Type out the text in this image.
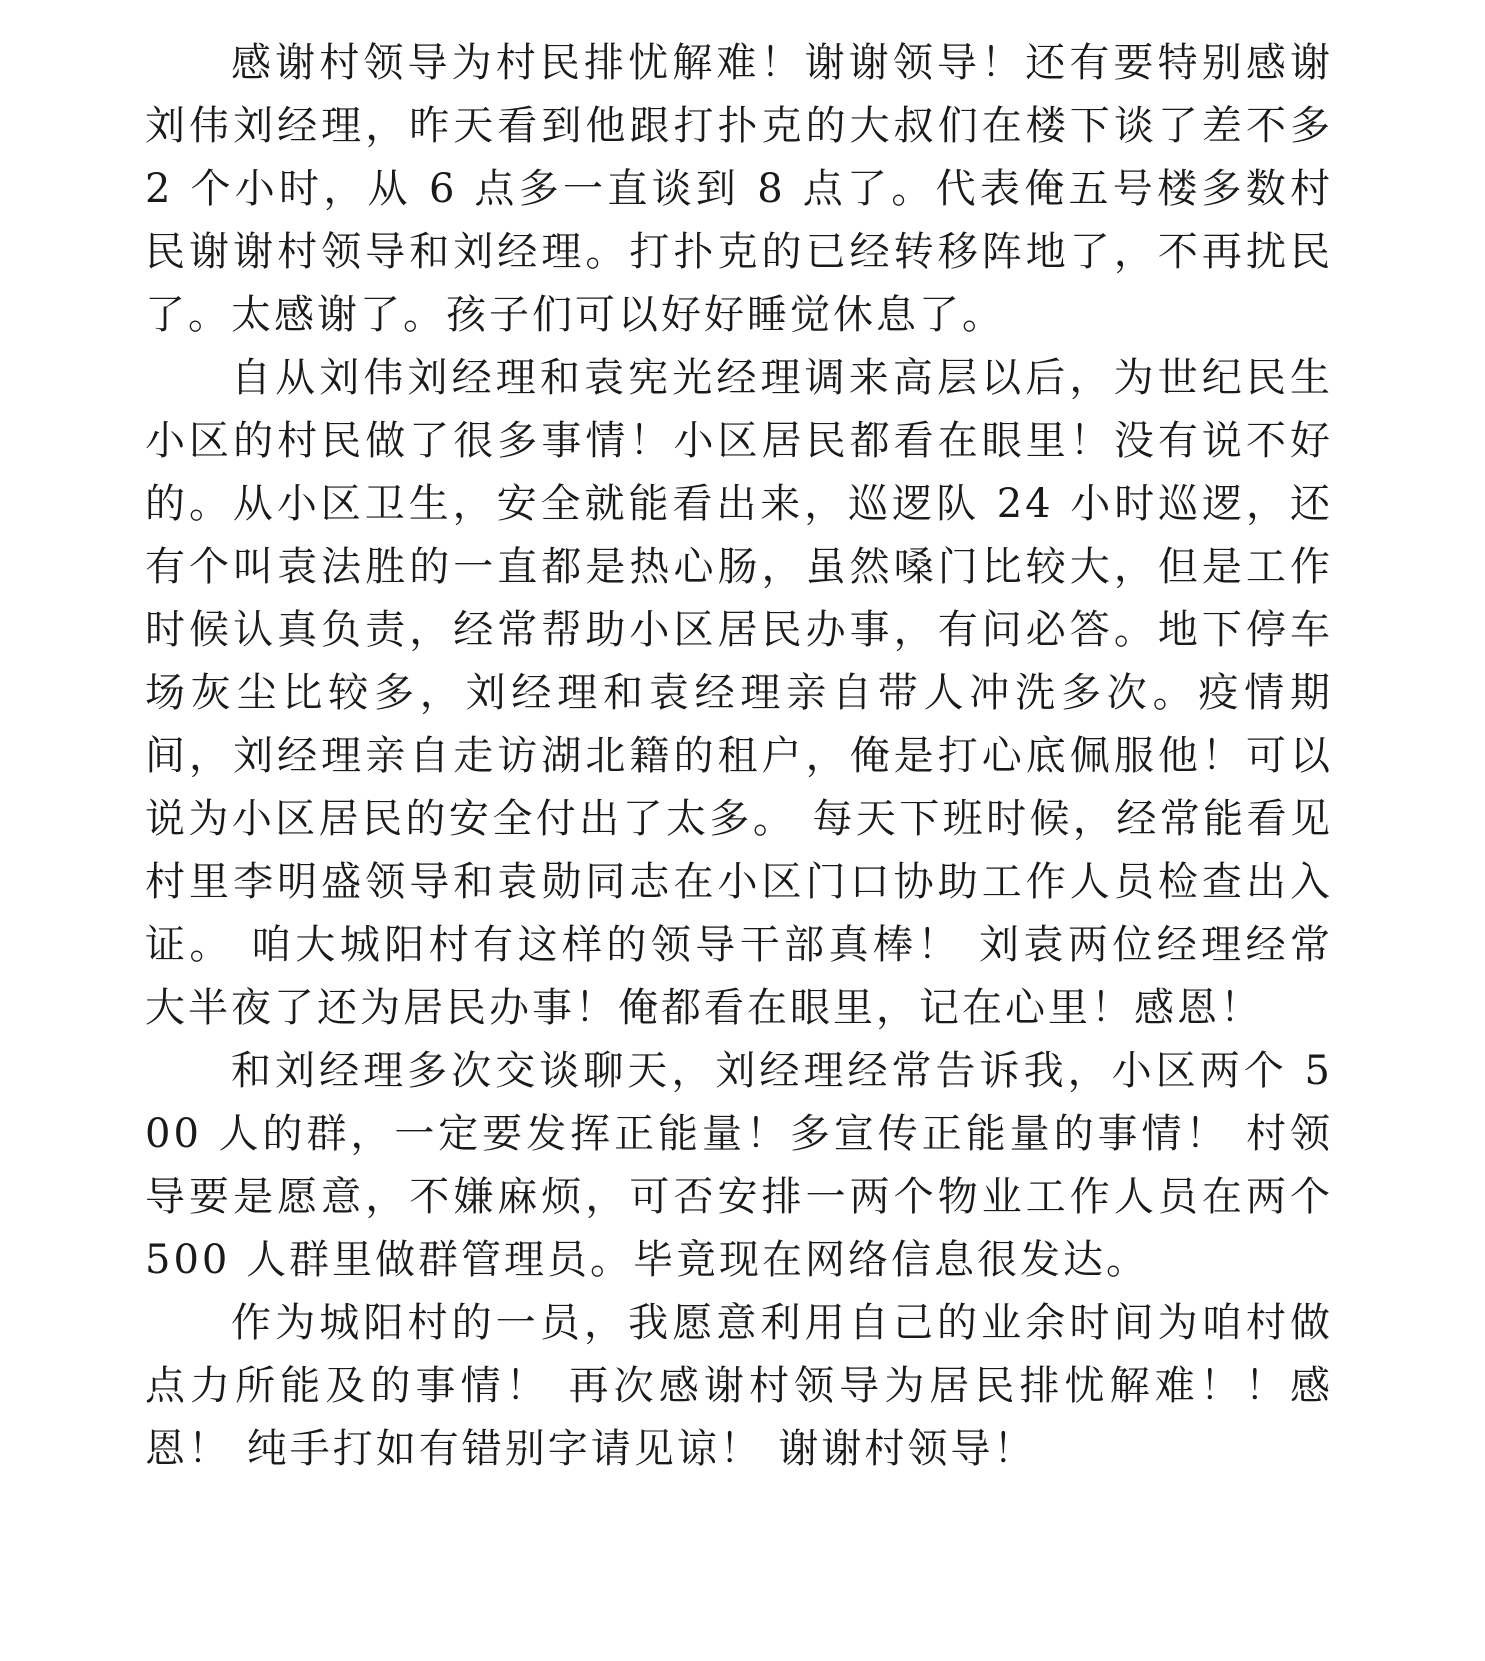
感谢村领导为村民排忧解难！谢谢领导！还有要特别感谢刘伟刘经理，昨天看到他跟打扑克的大叔们在楼下谈了差不多 2 个小时，从 6 点多一直谈到 8 点了。代表俺五号楼多数村民谢谢村领导和刘经理。打扑克的已经转移阵地了，不再扰民了。太感谢了。孩子们可以好好睡觉休息了。

自从刘伟刘经理和袁宪光经理调来高层以后，为世纪民生小区的村民做了很多事情！小区居民都看在眼里！没有说不好的。从小区卫生，安全就能看出来，巡逻队 24 小时巡逻，还有个叫袁法胜的一直都是热心肠，虽然嗓门比较大，但是工作时候认真负责，经常帮助小区居民办事，有问必答。地下停车场灰尘比较多，刘经理和袁经理亲自带人冲洗多次。疫情期间，刘经理亲自走访湖北籍的租户，俺是打心底佩服他！可以说为小区居民的安全付出了太多。 每天下班时候，经常能看见村里李明盛领导和袁勋同志在小区门口协助工作人员检查出入证。 咱大城阳村有这样的领导干部真棒！ 刘袁两位经理经常大半夜了还为居民办事！俺都看在眼里，记在心里！感恩！

和刘经理多次交谈聊天，刘经理经常告诉我，小区两个 500 人的群，一定要发挥正能量！多宣传正能量的事情！ 村领导要是愿意，不嫌麻烦，可否安排一两个物业工作人员在两个 500 人群里做群管理员。毕竟现在网络信息很发达。

作为城阳村的一员，我愿意利用自己的业余时间为咱村做点力所能及的事情！ 再次感谢村领导为居民排忧解难！！感恩！ 纯手打如有错别字请见谅！ 谢谢村领导！
